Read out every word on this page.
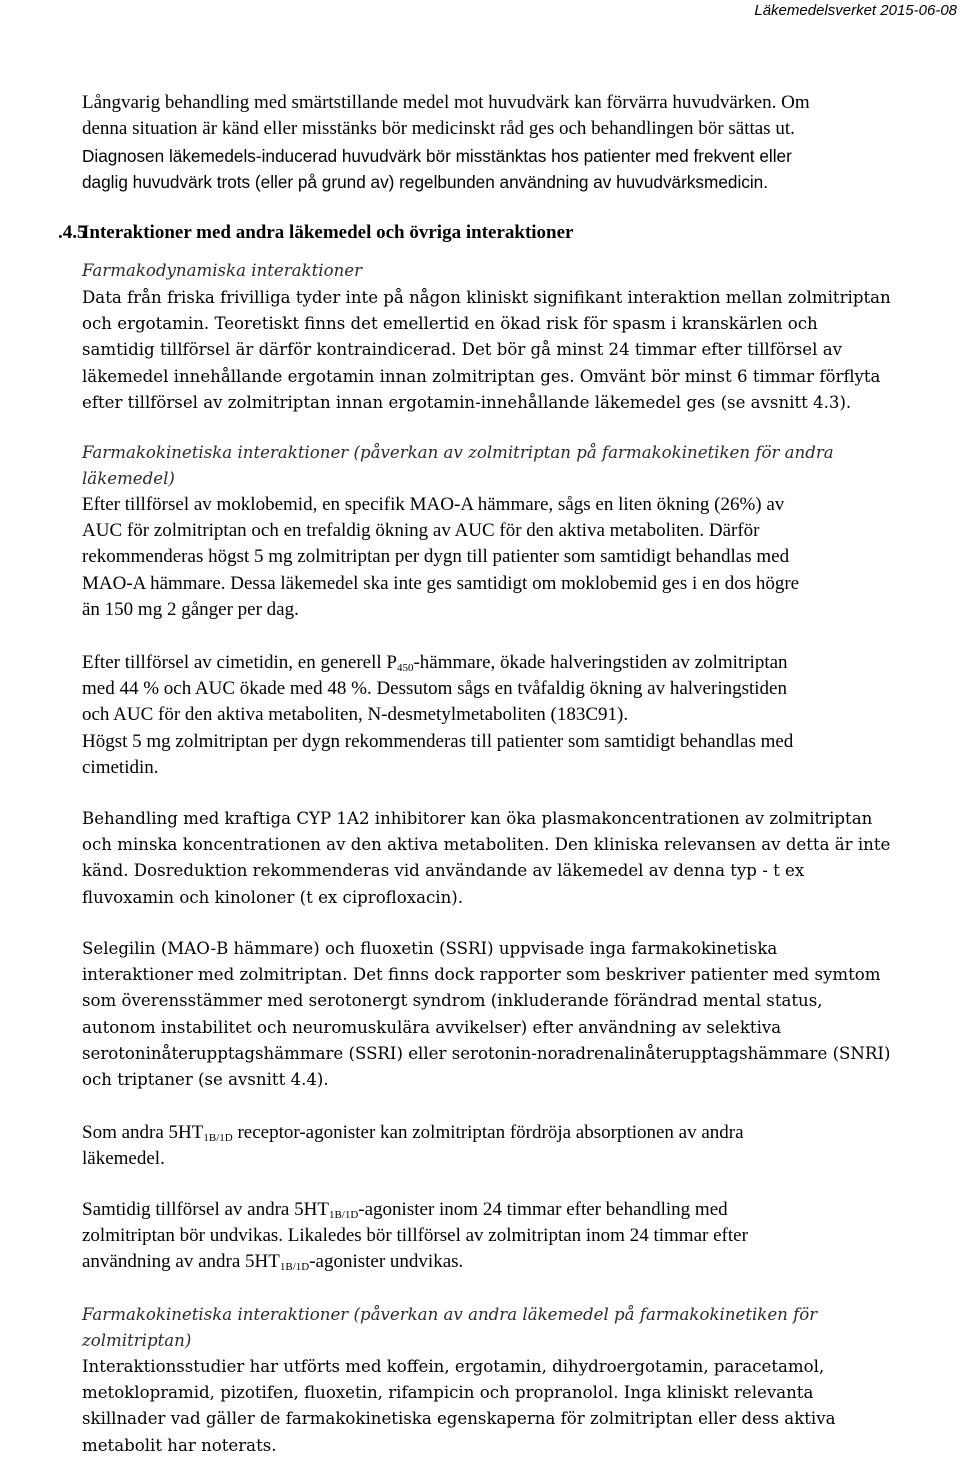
Läkemedelsverket 2015-06-08
Långvarig behandling med smärtstillande medel mot huvudvärk kan förvärra huvudvärken. Om
denna situation är känd eller misstänks bör medicinskt råd ges och behandlingen bör sättas ut.
Diagnosen läkemedels-inducerad huvudvärk bör misstänktas hos patienter med frekvent eller
daglig huvudvärk trots (eller på grund av) regelbunden användning av huvudvärksmedicin.
.4.5
Interaktioner med andra läkemedel och övriga interaktioner
Farmakodynamiska interaktioner
Data från friska frivilliga tyder inte på någon kliniskt signifikant interaktion mellan zolmitriptan
och ergotamin. Teoretiskt finns det emellertid en ökad risk för spasm i kranskärlen och
samtidig tillförsel är därför kontraindicerad. Det bör gå minst 24 timmar efter tillförsel av
läkemedel innehållande ergotamin innan zolmitriptan ges. Omvänt bör minst 6 timmar förflyta
efter tillförsel av zolmitriptan innan ergotamin-innehållande läkemedel ges (se avsnitt 4.3).
Farmakokinetiska interaktioner (påverkan av zolmitriptan på farmakokinetiken för andra
läkemedel)
Efter tillförsel av moklobemid, en specifik MAO-A hämmare, sågs en liten ökning (26%) av
AUC för zolmitriptan och en trefaldig ökning av AUC för den aktiva metaboliten. Därför
rekommenderas högst 5 mg zolmitriptan per dygn till patienter som samtidigt behandlas med
MAO-A hämmare. Dessa läkemedel ska inte ges samtidigt om moklobemid ges i en dos högre
än 150 mg 2 gånger per dag.
Efter tillförsel av cimetidin, en generell $P_{450}$-hämmare, ökade halveringstiden av zolmitriptan
med 44 % och AUC ökade med 48 %. Dessutom sågs en tvåfaldig ökning av halveringstiden
och AUC för den aktiva metaboliten, N-desmetylmetaboliten (183C91).
Högst 5 mg zolmitriptan per dygn rekommenderas till patienter som samtidigt behandlas med
cimetidin.
Behandling med kraftiga CYP 1A2 inhibitorer kan öka plasmakoncentrationen av zolmitriptan
och minska koncentrationen av den aktiva metaboliten. Den kliniska relevansen av detta är inte
känd. Dosreduktion rekommenderas vid användande av läkemedel av denna typ - t ex
fluvoxamin och kinoloner (t ex ciprofloxacin).
Selegilin (MAO-B hämmare) och fluoxetin (SSRI) uppvisade inga farmakokinetiska
interaktioner med zolmitriptan. Det finns dock rapporter som beskriver patienter med symtom
som överensstämmer med serotonergt syndrom (inkluderande förändrad mental status,
autonom instabilitet och neuromuskulära avvikelser) efter användning av selektiva
serotoninåterupptagshämmare (SSRI) eller serotonin-noradrenalinåterupptagshämmare (SNRI)
och triptaner (se avsnitt 4.4).
Som andra $5HT_{1B/1D}$ receptor-agonister kan zolmitriptan fördröja absorptionen av andra
läkemedel.
Samtidig tillförsel av andra $5HT_{1B/1D}$-agonister inom 24 timmar efter behandling med
zolmitriptan bör undvikas. Likaledes bör tillförsel av zolmitriptan inom 24 timmar efter
användning av andra $5HT_{1B/1D}$-agonister undvikas.
Farmakokinetiska interaktioner (påverkan av andra läkemedel på farmakokinetiken för
zolmitriptan)
Interaktionsstudier har utförts med koffein, ergotamin, dihydroergotamin, paracetamol,
metoklopramid, pizotifen, fluoxetin, rifampicin och propranolol. Inga kliniskt relevanta
skillnader vad gäller de farmakokinetiska egenskaperna för zolmitriptan eller dess aktiva
metabolit har noterats.
